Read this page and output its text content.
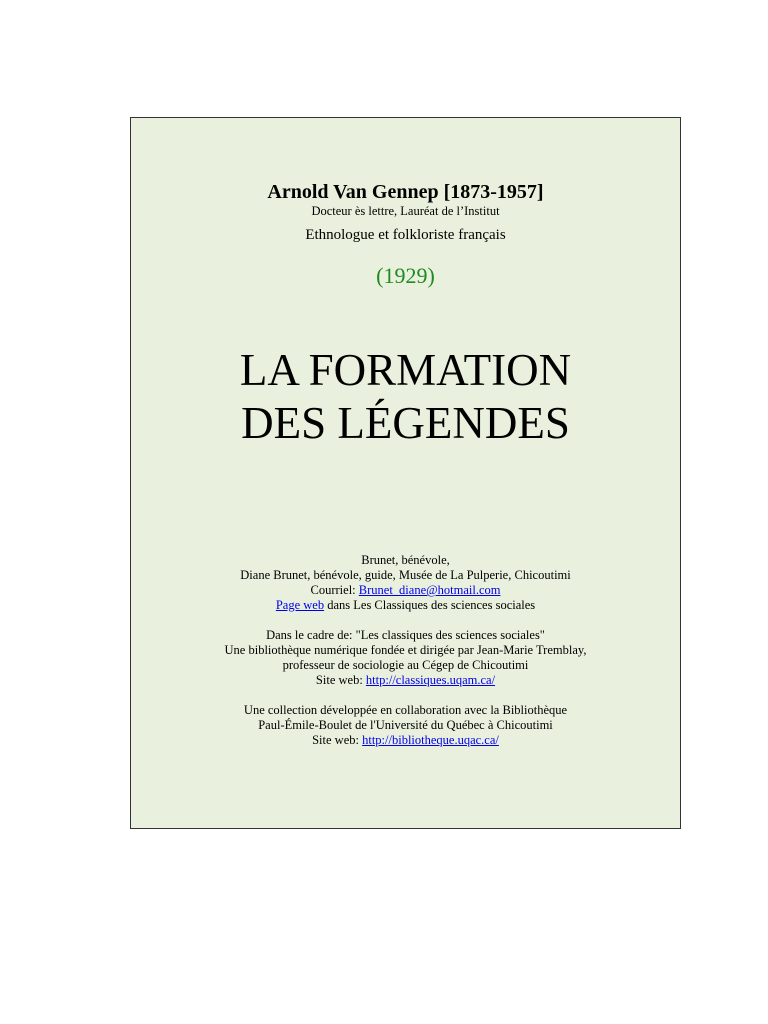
Arnold Van Gennep [1873-1957]
Docteur ès lettre, Lauréat de l’Institut
Ethnologue et folkloriste français
(1929)
LA FORMATION
DES LÉGENDES
Brunet, bénévole,
Diane Brunet, bénévole, guide, Musée de La Pulperie, Chicoutimi
Courriel: Brunet_diane@hotmail.com
Page web dans Les Classiques des sciences sociales
Dans le cadre de: "Les classiques des sciences sociales"
Une bibliothèque numérique fondée et dirigée par Jean-Marie Tremblay,
professeur de sociologie au Cégep de Chicoutimi
Site web: http://classiques.uqam.ca/
Une collection développée en collaboration avec la Bibliothèque
Paul-Émile-Boulet de l'Université du Québec à Chicoutimi
Site web: http://bibliotheque.uqac.ca/
